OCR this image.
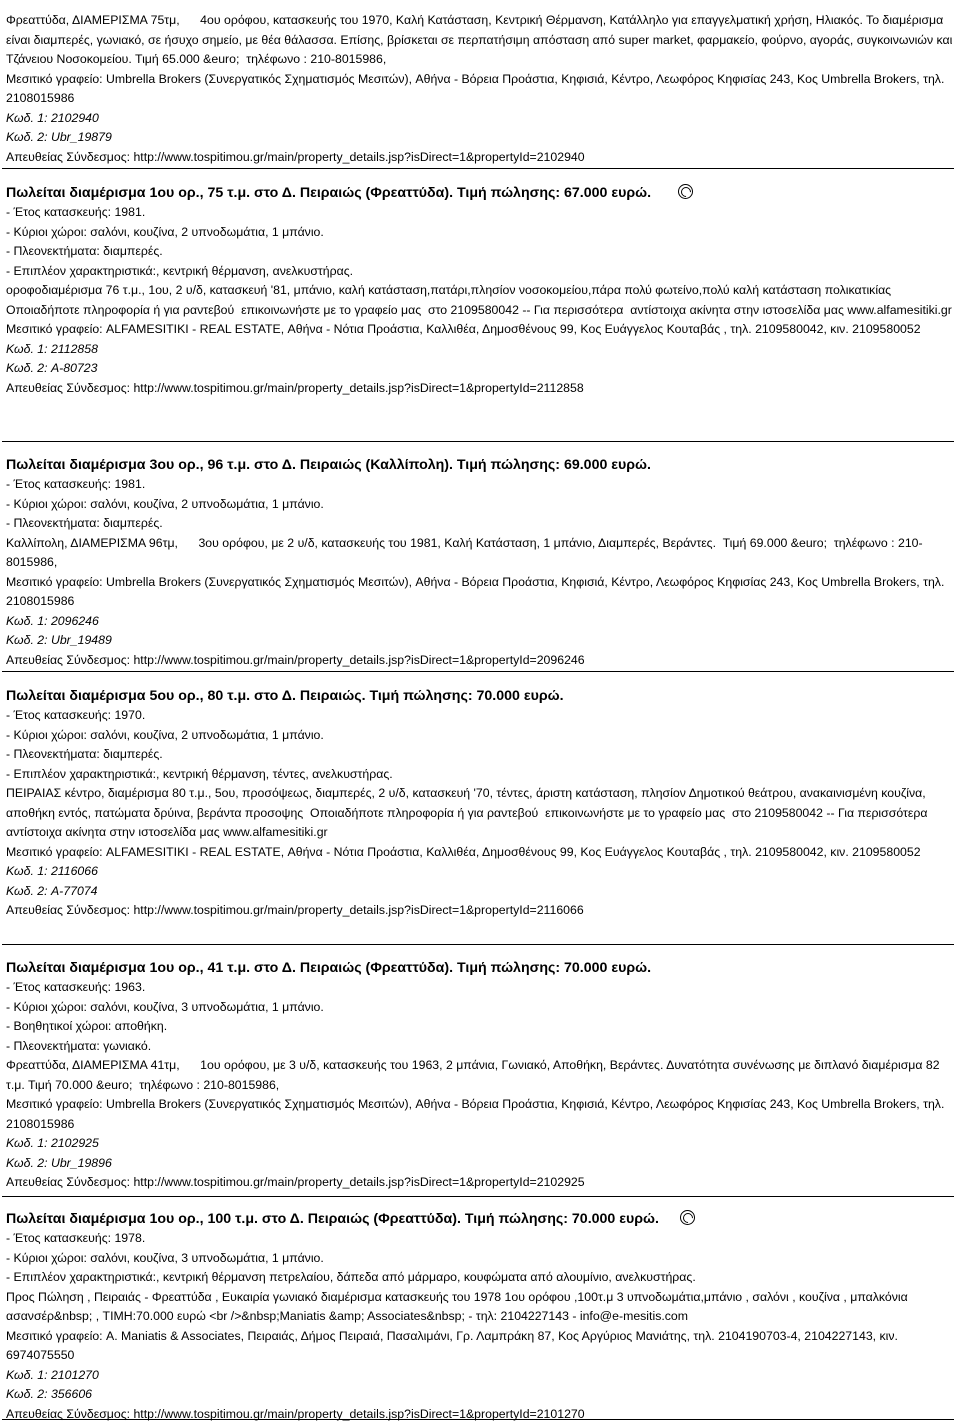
Φρεαττύδα, ΔΙΑΜΕΡΙΣΜΑ 75τμ,      4ου ορόφου, κατασκευής του 1970, Καλή Κατάσταση, Κεντρική Θέρμανση, Κατάλληλο για επαγγελματική χρήση, Ηλιακός. Το διαμέρισμα είναι διαμπερές, γωνιακό, σε ήσυχο σημείο, με θέα θάλασσα. Επίσης, βρίσκεται σε περπατήσιμη απόσταση από super market, φαρμακείο, φούρνο, αγοράς, συγκοινωνιών και Τζάνειου Νοσοκομείου. Τιμή 65.000 &euro;  τηλέφωνο : 210-8015986,
Μεσιτικό γραφείο: Umbrella Brokers (Συνεργατικός Σχηματισμός Μεσιτών), Αθήνα - Βόρεια Προάστια, Κηφισιά, Κέντρο, Λεωφόρος Κηφισίας 243, Κος Umbrella Brokers, τηλ. 2108015986
Κωδ. 1: 2102940
Κωδ. 2: Ubr_19879
Απευθείας Σύνδεσμος: http://www.tospitimou.gr/main/property_details.jsp?isDirect=1&propertyId=2102940
Πωλείται διαμέρισμα 1ου ορ., 75 τ.μ. στο Δ. Πειραιώς (Φρεαττύδα). Τιμή πώλησης: 67.000 ευρώ.
- Έτος κατασκευής: 1981.
- Κύριοι χώροι: σαλόνι, κουζίνα, 2 υπνοδωμάτια, 1 μπάνιο.
- Πλεονεκτήματα: διαμπερές.
- Επιπλέον χαρακτηριστικά:, κεντρική θέρμανση, ανελκυστήρας.
οροφοδιαμέρισμα 76 τ.μ., 1ου, 2 υ/δ, κατασκευή '81, μπάνιο, καλή κατάσταση,πατάρι,πλησίον νοσοκομείου,πάρα πολύ φωτείνο,πολύ καλή κατάσταση πολικατικίας Οποιαδήποτε πληροφορία ή για ραντεβού  επικοινωνήστε με το γραφείο μας  στο 2109580042 -- Για περισσότερα  αντίστοιχα ακίνητα στην ιστοσελίδα μας www.alfamesitiki.gr
Μεσιτικό γραφείο: ALFAMESITIKI - REAL ESTATE, Αθήνα - Νότια Προάστια, Καλλιθέα, Δημοσθένους 99, Κος Ευάγγελος Κουταβάς , τηλ. 2109580042, κιν. 2109580052
Κωδ. 1: 2112858
Κωδ. 2: A-80723
Απευθείας Σύνδεσμος: http://www.tospitimou.gr/main/property_details.jsp?isDirect=1&propertyId=2112858
Πωλείται διαμέρισμα 3ου ορ., 96 τ.μ. στο Δ. Πειραιώς (Καλλίπολη). Τιμή πώλησης: 69.000 ευρώ.
- Έτος κατασκευής: 1981.
- Κύριοι χώροι: σαλόνι, κουζίνα, 2 υπνοδωμάτια, 1 μπάνιο.
- Πλεονεκτήματα: διαμπερές.
Καλλίπολη, ΔΙΑΜΕΡΙΣΜΑ 96τμ,      3ου ορόφου, με 2 υ/δ, κατασκευής του 1981, Καλή Κατάσταση, 1 μπάνιο, Διαμπερές, Βεράντες.  Τιμή 69.000 &euro;  τηλέφωνο : 210-8015986,
Μεσιτικό γραφείο: Umbrella Brokers (Συνεργατικός Σχηματισμός Μεσιτών), Αθήνα - Βόρεια Προάστια, Κηφισιά, Κέντρο, Λεωφόρος Κηφισίας 243, Κος Umbrella Brokers, τηλ. 2108015986
Κωδ. 1: 2096246
Κωδ. 2: Ubr_19489
Απευθείας Σύνδεσμος: http://www.tospitimou.gr/main/property_details.jsp?isDirect=1&propertyId=2096246
Πωλείται διαμέρισμα 5ου ορ., 80 τ.μ. στο Δ. Πειραιώς. Τιμή πώλησης: 70.000 ευρώ.
- Έτος κατασκευής: 1970.
- Κύριοι χώροι: σαλόνι, κουζίνα, 2 υπνοδωμάτια, 1 μπάνιο.
- Πλεονεκτήματα: διαμπερές.
- Επιπλέον χαρακτηριστικά:, κεντρική θέρμανση, τέντες, ανελκυστήρας.
ΠΕΙΡΑΙΑΣ κέντρο, διαμέρισμα 80 τ.μ., 5ου, προσόψεως, διαμπερές, 2 υ/δ, κατασκευή '70, τέντες, άριστη κατάσταση, πλησίον Δημοτικού θεάτρου, ανακαινισμένη κουζίνα, αποθήκη εντός, πατώματα δρύινα, βεράντα προσοψης  Οποιαδήποτε πληροφορία ή για ραντεβού  επικοινωνήστε με το γραφείο μας  στο 2109580042 -- Για περισσότερα  αντίστοιχα ακίνητα στην ιστοσελίδα μας www.alfamesitiki.gr
Μεσιτικό γραφείο: ALFAMESITIKI - REAL ESTATE, Αθήνα - Νότια Προάστια, Καλλιθέα, Δημοσθένους 99, Κος Ευάγγελος Κουταβάς , τηλ. 2109580042, κιν. 2109580052
Κωδ. 1: 2116066
Κωδ. 2: A-77074
Απευθείας Σύνδεσμος: http://www.tospitimou.gr/main/property_details.jsp?isDirect=1&propertyId=2116066
Πωλείται διαμέρισμα 1ου ορ., 41 τ.μ. στο Δ. Πειραιώς (Φρεαττύδα). Τιμή πώλησης: 70.000 ευρώ.
- Έτος κατασκευής: 1963.
- Κύριοι χώροι: σαλόνι, κουζίνα, 3 υπνοδωμάτια, 1 μπάνιο.
- Βοηθητικοί χώροι: αποθήκη.
- Πλεονεκτήματα: γωνιακό.
Φρεαττύδα, ΔΙΑΜΕΡΙΣΜΑ 41τμ,      1ου ορόφου, με 3 υ/δ, κατασκευής του 1963, 2 μπάνια, Γωνιακό, Αποθήκη, Βεράντες. Δυνατότητα συνένωσης με διπλανό διαμέρισμα 82 τ.μ. Τιμή 70.000 &euro;  τηλέφωνο : 210-8015986,
Μεσιτικό γραφείο: Umbrella Brokers (Συνεργατικός Σχηματισμός Μεσιτών), Αθήνα - Βόρεια Προάστια, Κηφισιά, Κέντρο, Λεωφόρος Κηφισίας 243, Κος Umbrella Brokers, τηλ. 2108015986
Κωδ. 1: 2102925
Κωδ. 2: Ubr_19896
Απευθείας Σύνδεσμος: http://www.tospitimou.gr/main/property_details.jsp?isDirect=1&propertyId=2102925
Πωλείται διαμέρισμα 1ου ορ., 100 τ.μ. στο Δ. Πειραιώς (Φρεαττύδα). Τιμή πώλησης: 70.000 ευρώ.
- Έτος κατασκευής: 1978.
- Κύριοι χώροι: σαλόνι, κουζίνα, 3 υπνοδωμάτια, 1 μπάνιο.
- Επιπλέον χαρακτηριστικά:, κεντρική θέρμανση πετρελαίου, δάπεδα από μάρμαρο, κουφώματα από αλουμίνιο, ανελκυστήρας.
Προς Πώληση , Πειραιάς - Φρεαττύδα , Ευκαιρία γωνιακό διαμέρισμα κατασκευής του 1978 1ου ορόφου ,100τ.μ 3 υπνοδωμάτια,μπάνιο , σαλόνι , κουζίνα , μπαλκόνια ασανσέρ&nbsp; , ΤΙΜΗ:70.000 ευρώ <br />&nbsp;Maniatis &amp; Associates&nbsp; - τηλ: 2104227143 - info@e-mesitis.com
Μεσιτικό γραφείο: A. Maniatis & Associates, Πειραιάς, Δήμος Πειραιά, Πασαλιμάνι, Γρ. Λαμπράκη 87, Κος Αργύριος Μανιάτης, τηλ. 2104190703-4, 2104227143, κιν. 6974075550
Κωδ. 1: 2101270
Κωδ. 2: 356606
Απευθείας Σύνδεσμος: http://www.tospitimou.gr/main/property_details.jsp?isDirect=1&propertyId=2101270
